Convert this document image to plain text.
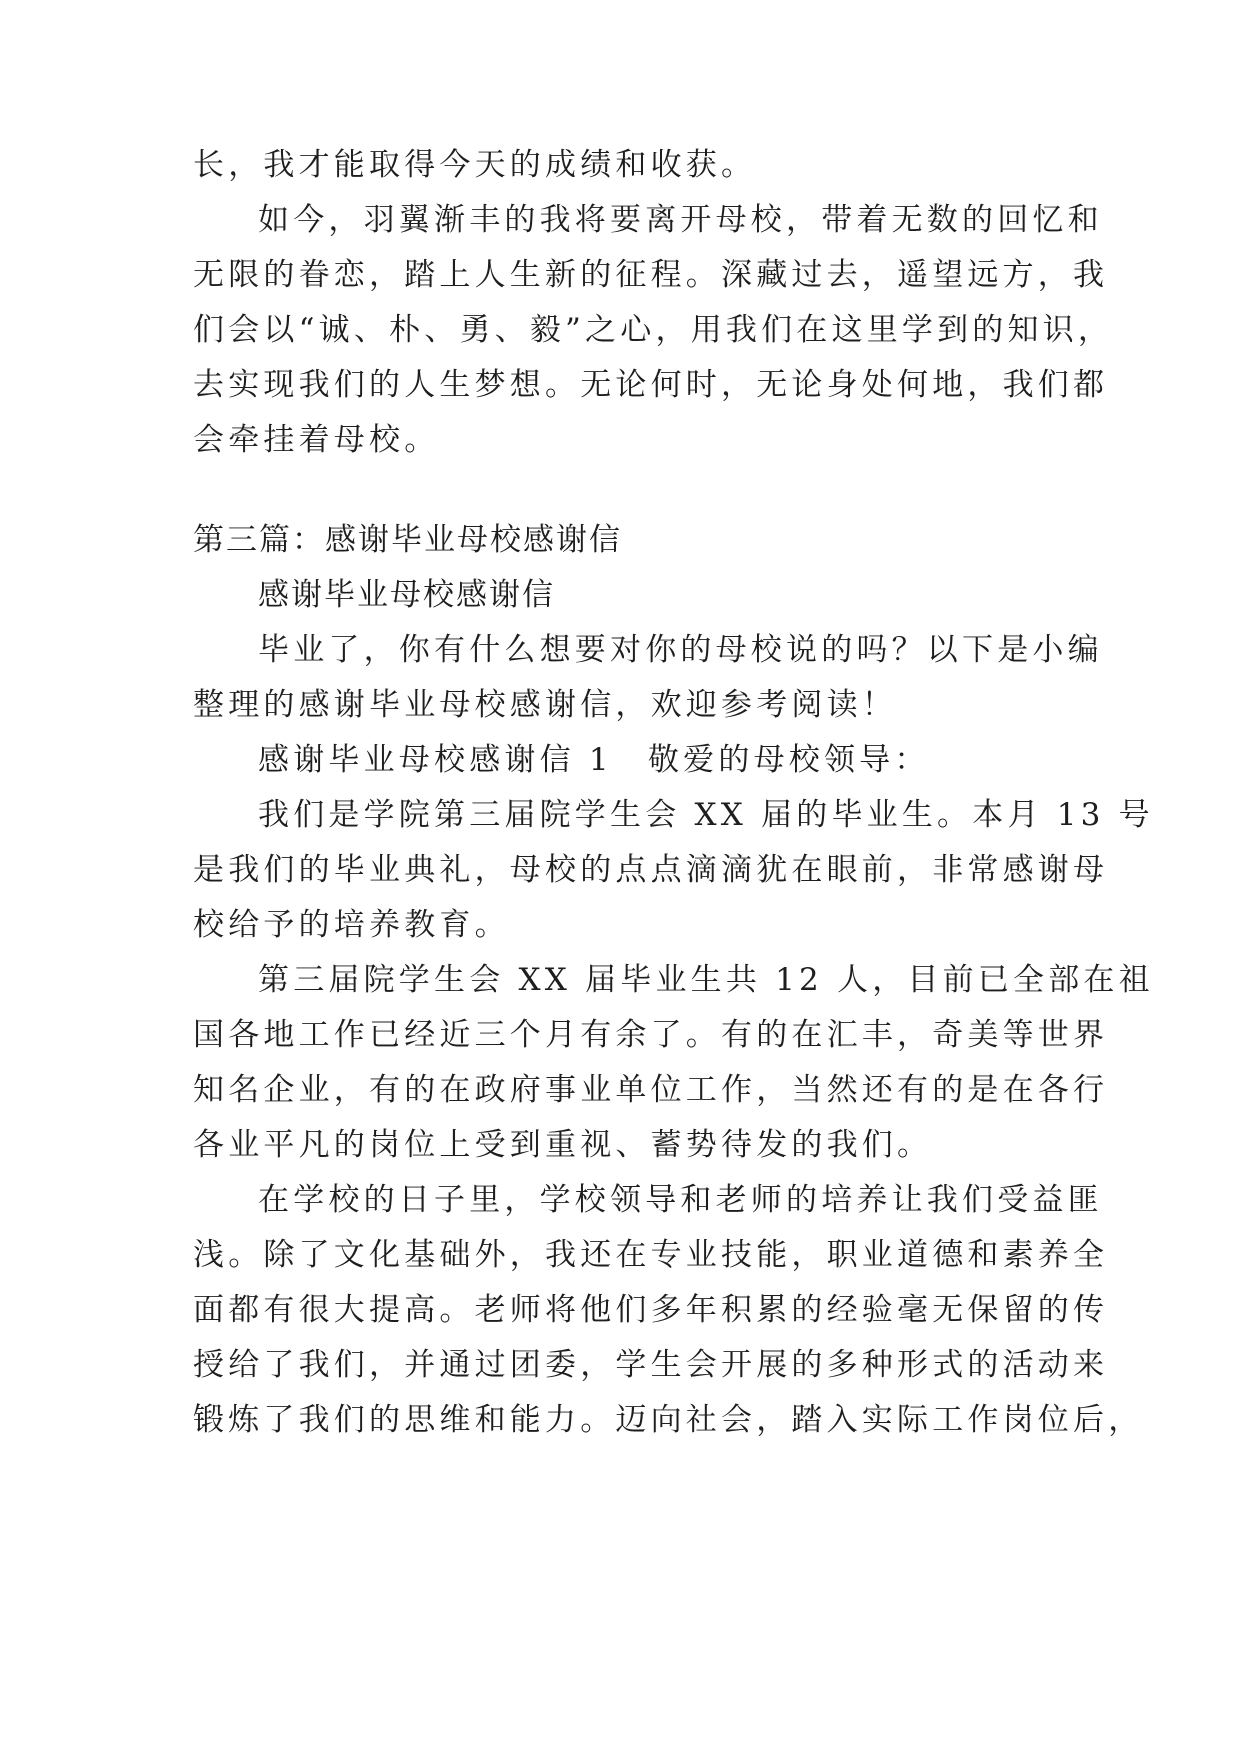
长，我才能取得今天的成绩和收获。

如今，羽翼渐丰的我将要离开母校，带着无数的回忆和

无限的眷恋，踏上人生新的征程。深藏过去，遥望远方，我

们会以“诚、朴、勇、毅”之心，用我们在这里学到的知识，

去实现我们的人生梦想。无论何时，无论身处何地，我们都

会牵挂着母校。

第三篇：感谢毕业母校感谢信

感谢毕业母校感谢信

毕业了，你有什么想要对你的母校说的吗？以下是小编

整理的感谢毕业母校感谢信，欢迎参考阅读！

感谢毕业母校感谢信 1　敬爱的母校领导：

我们是学院第三届院学生会 XX 届的毕业生。本月 13 号

是我们的毕业典礼，母校的点点滴滴犹在眼前，非常感谢母

校给予的培养教育。

第三届院学生会 XX 届毕业生共 12 人，目前已全部在祖

国各地工作已经近三个月有余了。有的在汇丰，奇美等世界

知名企业，有的在政府事业单位工作，当然还有的是在各行

各业平凡的岗位上受到重视、蓄势待发的我们。

在学校的日子里，学校领导和老师的培养让我们受益匪

浅。除了文化基础外，我还在专业技能，职业道德和素养全

面都有很大提高。老师将他们多年积累的经验毫无保留的传

授给了我们，并通过团委，学生会开展的多种形式的活动来

锻炼了我们的思维和能力。迈向社会，踏入实际工作岗位后，
